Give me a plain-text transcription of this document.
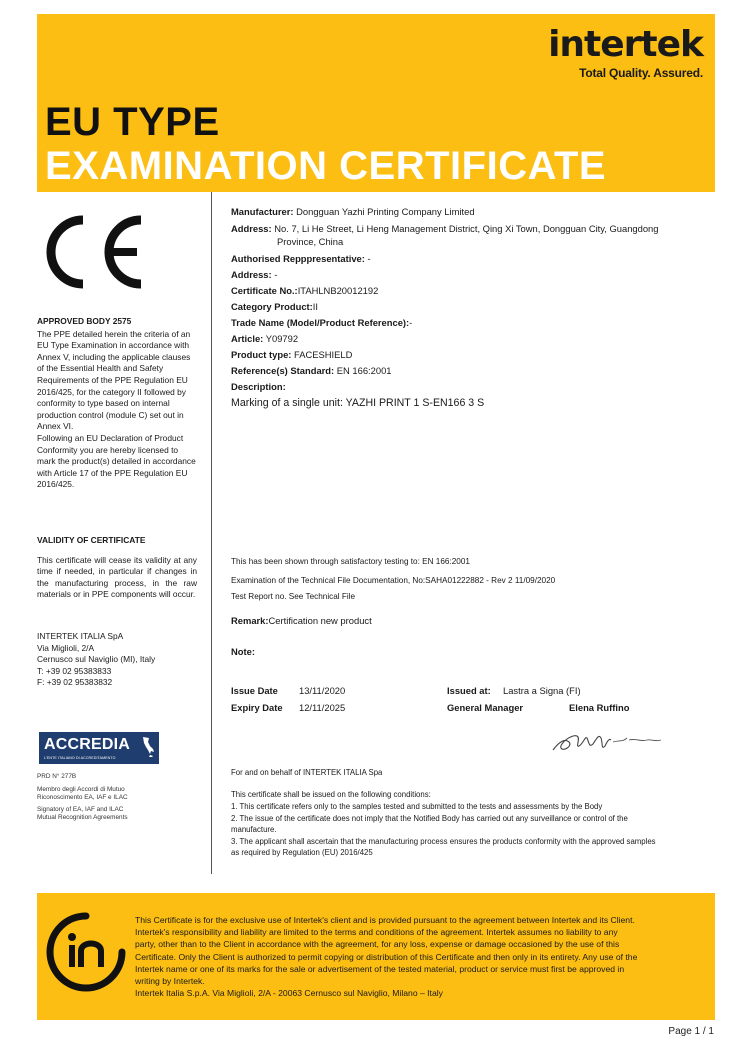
intertek
Total Quality. Assured.
EU TYPE
EXAMINATION CERTIFICATE
APPROVED BODY 2575
The PPE detailed herein the criteria of an EU Type Examination in accordance with Annex V, including the applicable clauses of the Essential Health and Safety Requirements of the PPE Regulation EU 2016/425, for the category II followed by conformity to type based on internal production control (module C) set out in Annex VI.
Following an EU Declaration of Product Conformity you are hereby licensed to mark the product(s) detailed in accordance with Article 17 of the PPE Regulation EU 2016/425.
VALIDITY OF CERTIFICATE
This certificate will cease its validity at any time if needed, in particular if changes in the manufacturing process, in the raw materials or in PPE components will occur.
INTERTEK ITALIA SpA
Via Miglioli, 2/A
Cernusco sul Naviglio (MI), Italy
T: +39 02 95383833
F: +39 02 95383832
ACCREDIA
L'ENTE ITALIANO DI ACCREDITAMENTO
PRD N° 277B
Membro degli Accordi di Mutuo
Riconoscimento EA, IAF e ILAC
Signatory of EA, IAF and ILAC
Mutual Recognition Agreements
Manufacturer: Dongguan Yazhi Printing Company Limited
Address: No. 7, Li He Street, Li Heng Management District, Qing Xi Town, Dongguan City, Guangdong
Province, China
Authorised Repppresentative: -
Address: -
Certificate No.:ITAHLNB20012192
Category Product:II
Trade Name (Model/Product Reference):-
Article: Y09792
Product type: FACESHIELD
Reference(s) Standard: EN 166:2001
Description:
Marking of a single unit: YAZHI PRINT 1 S-EN166 3 S
This has been shown through satisfactory testing to: EN 166:2001
Examination of the Technical File Documentation, No:SAHA01222882 - Rev 2 11/09/2020
Test Report no. See Technical File
Remark:Certification new product
Note:
Issue Date 13/11/2020	Issued at: Lastra a Signa (FI)
Expiry Date 12/11/2025	General Manager	Elena Ruffino
For and on behalf of INTERTEK ITALIA Spa
This certificate shall be issued on the following conditions:
1. This certificate refers only to the samples tested and submitted to the tests and assessments by the Body
2. The issue of the certificate does not imply that the Notified Body has carried out any surveillance or control of the
manufacture.
3. The applicant shall ascertain that the manufacturing process ensures the products conformity with the approved samples
as required by Regulation (EU) 2016/425
This Certificate is for the exclusive use of Intertek's client and is provided pursuant to the agreement between Intertek and its Client.
Intertek's responsibility and liability are limited to the terms and conditions of the agreement. Intertek assumes no liability to any
party, other than to the Client in accordance with the agreement, for any loss, expense or damage occasioned by the use of this
Certificate. Only the Client is authorized to permit copying or distribution of this Certificate and then only in its entirety. Any use of the
Intertek name or one of its marks for the sale or advertisement of the tested material, product or service must first be approved in
writing by Intertek.
Intertek Italia S.p.A. Via Miglioli, 2/A - 20063 Cernusco sul Naviglio, Milano – Italy
Page 1 / 1
